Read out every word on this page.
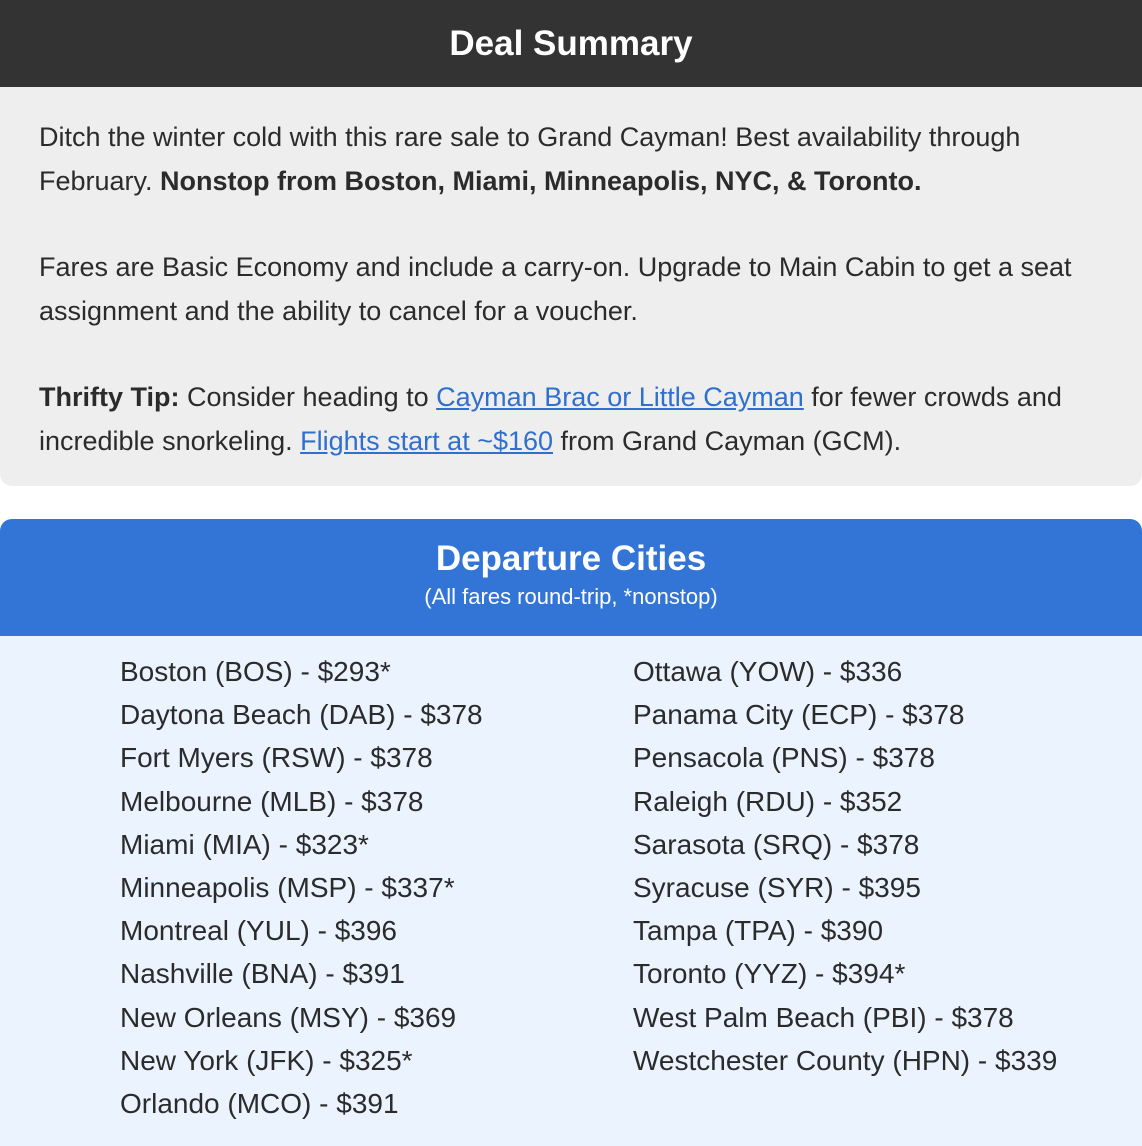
Deal Summary

Ditch the winter cold with this rare sale to Grand Cayman! Best availability through February. Nonstop from Boston, Miami, Minneapolis, NYC, & Toronto.

Fares are Basic Economy and include a carry-on. Upgrade to Main Cabin to get a seat assignment and the ability to cancel for a voucher.

Thrifty Tip: Consider heading to Cayman Brac or Little Cayman for fewer crowds and incredible snorkeling. Flights start at ~$160 from Grand Cayman (GCM).

Departure Cities
(All fares round-trip, *nonstop)
Boston (BOS) - $293*
Daytona Beach (DAB) - $378
Fort Myers (RSW) - $378
Melbourne (MLB) - $378
Miami (MIA) - $323*
Minneapolis (MSP) - $337*
Montreal (YUL) - $396
Nashville (BNA) - $391
New Orleans (MSY) - $369
New York (JFK) - $325*
Orlando (MCO) - $391
Ottawa (YOW) - $336
Panama City (ECP) - $378
Pensacola (PNS) - $378
Raleigh (RDU) - $352
Sarasota (SRQ) - $378
Syracuse (SYR) - $395
Tampa (TPA) - $390
Toronto (YYZ) - $394*
West Palm Beach (PBI) - $378
Westchester County (HPN) - $339
